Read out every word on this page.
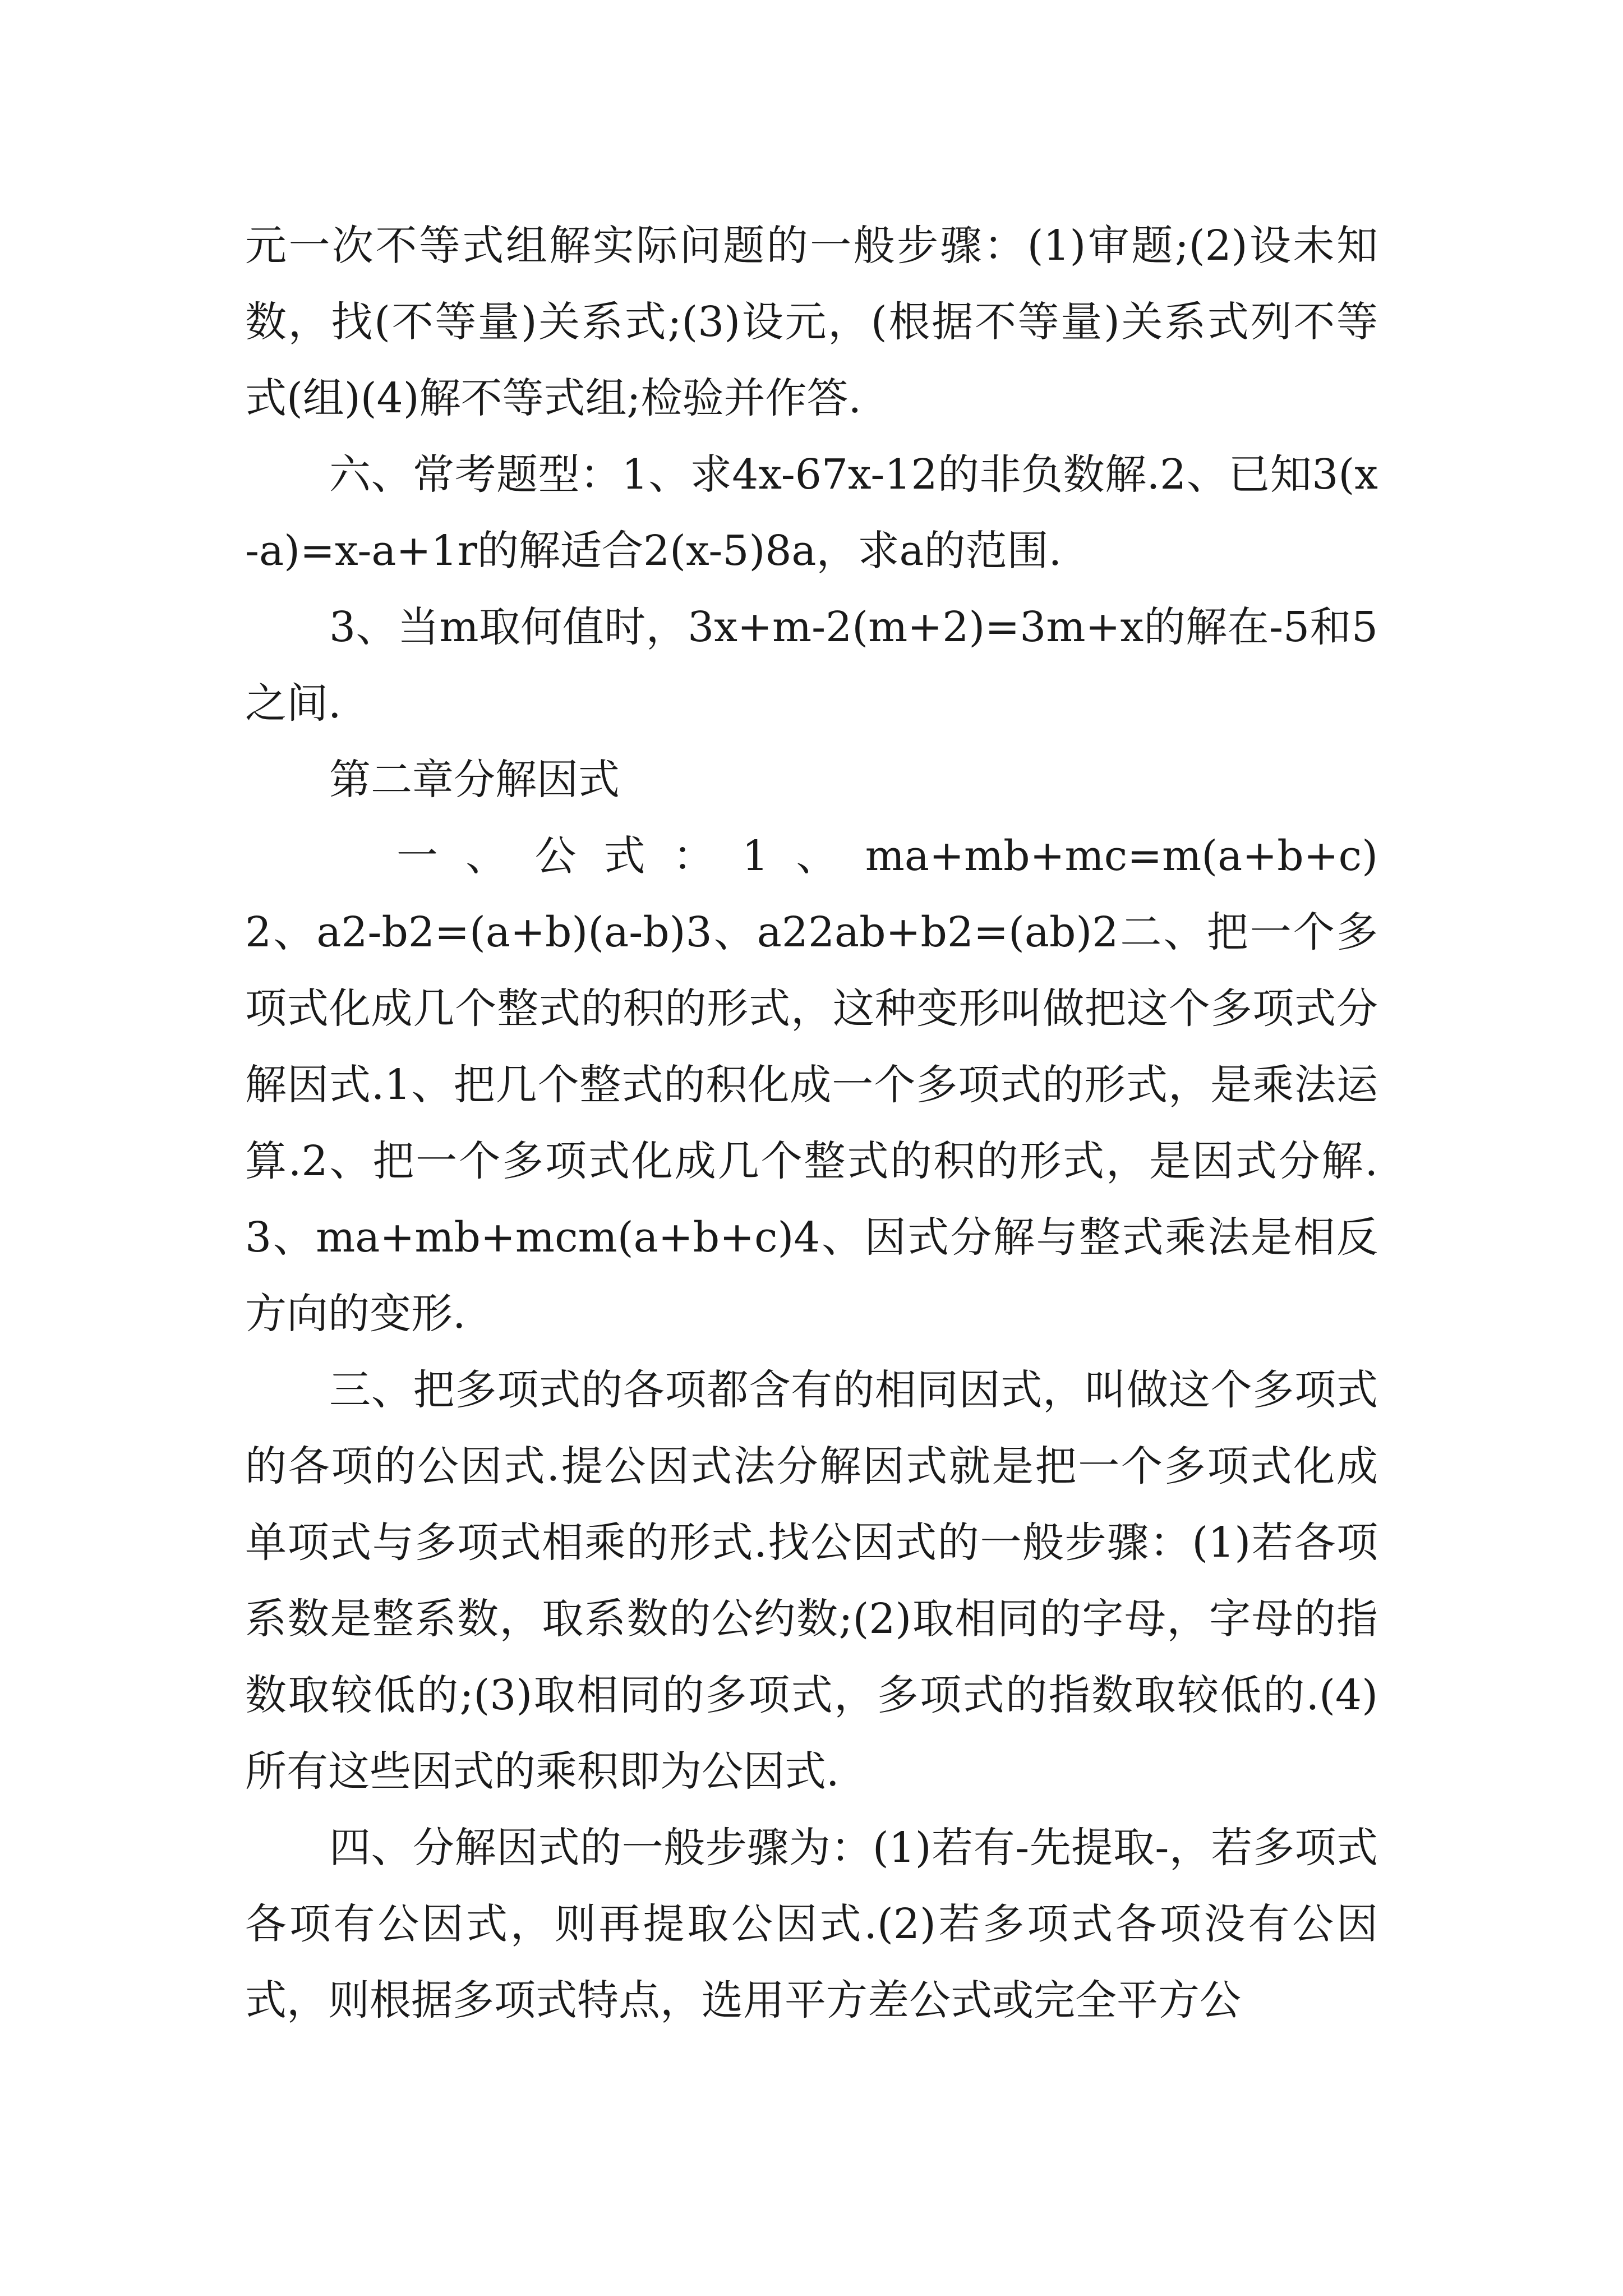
元一次不等式组解实际问题的一般步骤：(1)审题;(2)设未知数，找(不等量)关系式;(3)设元，(根据不等量)关系式列不等式(组)(4)解不等式组;检验并作答.

六、常考题型：1、求4x-67x-12的非负数解.2、已知3(x-a)=x-a+1r的解适合2(x-5)8a，求a的范围.

3、当m取何值时，3x+m-2(m+2)=3m+x的解在-5和5之间.

第二章分解因式

一、公式：1、ma+mb+mc=m(a+b+c)2、a2-b2=(a+b)(a-b)3、a22ab+b2=(ab)2二、把一个多项式化成几个整式的积的形式，这种变形叫做把这个多项式分解因式.1、把几个整式的积化成一个多项式的形式，是乘法运算.2、把一个多项式化成几个整式的积的形式，是因式分解.3、ma+mb+mcm(a+b+c)4、因式分解与整式乘法是相反方向的变形.

三、把多项式的各项都含有的相同因式，叫做这个多项式的各项的公因式.提公因式法分解因式就是把一个多项式化成单项式与多项式相乘的形式.找公因式的一般步骤：(1)若各项系数是整系数，取系数的公约数;(2)取相同的字母，字母的指数取较低的;(3)取相同的多项式，多项式的指数取较低的.(4)所有这些因式的乘积即为公因式.

四、分解因式的一般步骤为：(1)若有-先提取-，若多项式各项有公因式，则再提取公因式.(2)若多项式各项没有公因式，则根据多项式特点，选用平方差公式或完全平方公
